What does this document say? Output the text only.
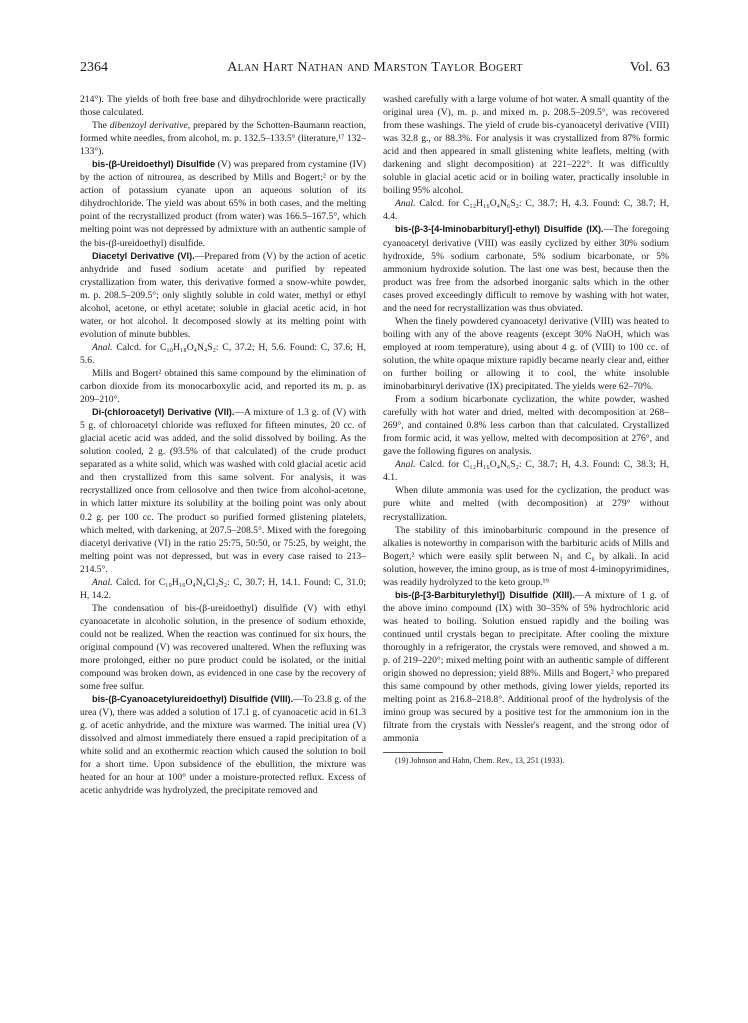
2364	Alan Hart Nathan and Marston Taylor Bogert	Vol. 63

214°). The yields of both free base and dihydrochloride were practically those calculated.

The dibenzoyl derivative, prepared by the Schotten-Baumann reaction, formed white needles, from alcohol, m. p. 132.5–133.5° (literature,¹⁷ 132–133°).

bis-(β-Ureidoethyl) Disulfide (V) was prepared from cystamine (IV) by the action of nitrourea, as described by Mills and Bogert;² or by the action of potassium cyanate upon an aqueous solution of its dihydrochloride. The yield was about 65% in both cases, and the melting point of the recrystallized product (from water) was 166.5–167.5°, which melting point was not depressed by admixture with an authentic sample of the bis-(β-ureidoethyl) disulfide.

Diacetyl Derivative (VI).—Prepared from (V) by the action of acetic anhydride and fused sodium acetate and purified by repeated crystallization from water, this derivative formed a snow-white powder, m. p. 208.5–209.5°; only slightly soluble in cold water, methyl or ethyl alcohol, acetone, or ethyl acetate; soluble in glacial acetic acid, in hot water, or hot alcohol. It decomposed slowly at its melting point with evolution of minute bubbles.

Anal. Calcd. for C₁₀H₁₈O₄N₄S₂: C, 37.2; H, 5.6. Found: C, 37.6; H, 5.6.

Mills and Bogert² obtained this same compound by the elimination of carbon dioxide from its monocarboxylic acid, and reported its m. p. as 209–210°.

Di-(chloroacetyl) Derivative (VII).—A mixture of 1.3 g. of (V) with 5 g. of chloroacetyl chloride was refluxed for fifteen minutes, 20 cc. of glacial acetic acid was added, and the solid dissolved by boiling. As the solution cooled, 2 g. (93.5% of that calculated) of the crude product separated as a white solid, which was washed with cold glacial acetic acid and then crystallized from this same solvent. For analysis, it was recrystallized once from cellosolve and then twice from alcohol-acetone, in which latter mixture its solubility at the boiling point was only about 0.2 g. per 100 cc. The product so purified formed glistening platelets, which melted, with darkening, at 207.5–208.5°. Mixed with the foregoing diacetyl derivative (VI) in the ratio 25:75, 50:50, or 75:25, by weight, the melting point was not depressed, but was in every case raised to 213–214.5°.

Anal. Calcd. for C₁₀H₁₆O₄N₄Cl₂S₂: C, 30.7; H, 14.1. Found: C, 31.0; H, 14.2.

The condensation of bis-(β-ureidoethyl) disulfide (V) with ethyl cyanoacetate in alcoholic solution, in the presence of sodium ethoxide, could not be realized. When the reaction was continued for six hours, the original compound (V) was recovered unaltered. When the refluxing was more prolonged, either no pure product could be isolated, or the initial compound was broken down, as evidenced in one case by the recovery of some free sulfur.

bis-(β-Cyanoacetylureidoethyl) Disulfide (VIII).—To 23.8 g. of the urea (V), there was added a solution of 17.1 g. of cyanoacetic acid in 61.3 g. of acetic anhydride, and the mixture was warmed. The initial urea (V) dissolved and almost immediately there ensued a rapid precipitation of a white solid and an exothermic reaction which caused the solution to boil for a short time. Upon subsidence of the ebullition, the mixture was heated for an hour at 100° under a moisture-protected reflux. Excess of acetic anhydride was hydrolyzed, the precipitate removed and

washed carefully with a large volume of hot water. A small quantity of the original urea (V), m. p. and mixed m. p. 208.5–209.5°, was recovered from these washings. The yield of crude bis-cyanoacetyl derivative (VIII) was 32.8 g., or 88.3%. For analysis it was crystallized from 87% formic acid and then appeared in small glistening white leaflets, melting (with darkening and slight decomposition) at 221–222°. It was difficultly soluble in glacial acetic acid or in boiling water, practically insoluble in boiling 95% alcohol.

Anal. Calcd. for C₁₂H₁₆O₄N₆S₂: C, 38.7; H, 4.3. Found: C, 38.7; H, 4.4.

bis-(β-3-[4-Iminobarbituryl]-ethyl) Disulfide (IX).—The foregoing cyanoacetyl derivative (VIII) was easily cyclized by either 30% sodium hydroxide, 5% sodium carbonate, 5% sodium bicarbonate, or 5% ammonium hydroxide solution. The last one was best, because then the product was free from the adsorbed inorganic salts which in the other cases proved exceedingly difficult to remove by washing with hot water, and the need for recrystallization was thus obviated.

When the finely powdered cyanoacetyl derivative (VIII) was heated to boiling with any of the above reagents (except 30% NaOH, which was employed at room temperature), using about 4 g. of (VIII) to 100 cc. of solution, the white opaque mixture rapidly became nearly clear and, either on further boiling or allowing it to cool, the white insoluble iminobarbituryl derivative (IX) precipitated. The yields were 62–70%.

From a sodium bicarbonate cyclization, the white powder, washed carefully with hot water and dried, melted with decomposition at 268–269°, and contained 0.8% less carbon than that calculated. Crystallized from formic acid, it was yellow, melted with decomposition at 276°, and gave the following figures on analysis.

Anal. Calcd. for C₁₂H₁₆O₄N₆S₂: C, 38.7; H, 4.3. Found: C, 38.3; H, 4.1.

When dilute ammonia was used for the cyclization, the product was pure white and melted (with decomposition) at 279° without recrystallization.

The stability of this iminobarbituric compound in the presence of alkalies is noteworthy in comparison with the barbituric acids of Mills and Bogert,² which were easily split between N₁ and C₆ by alkali. In acid solution, however, the imino group, as is true of most 4-iminopyrimidines, was readily hydrolyzed to the keto group.¹⁹

bis-(β-[3-Barbiturylethyl]) Disulfide (XIII).—A mixture of 1 g. of the above imino compound (IX) with 30–35% of 5% hydrochloric acid was heated to boiling. Solution ensued rapidly and the boiling was continued until crystals began to precipitate. After cooling the mixture thoroughly in a refrigerator, the crystals were removed, and showed a m. p. of 219–220°; mixed melting point with an authentic sample of different origin showed no depression; yield 88%. Mills and Bogert,² who prepared this same compound by other methods, giving lower yields, reported its melting point as 216.8–218.8°. Additional proof of the hydrolysis of the imino group was secured by a positive test for the ammonium ion in the filtrate from the crystals with Nessler's reagent, and the strong odor of ammonia

(19) Johnson and Hahn, Chem. Rev., 13, 251 (1933).
